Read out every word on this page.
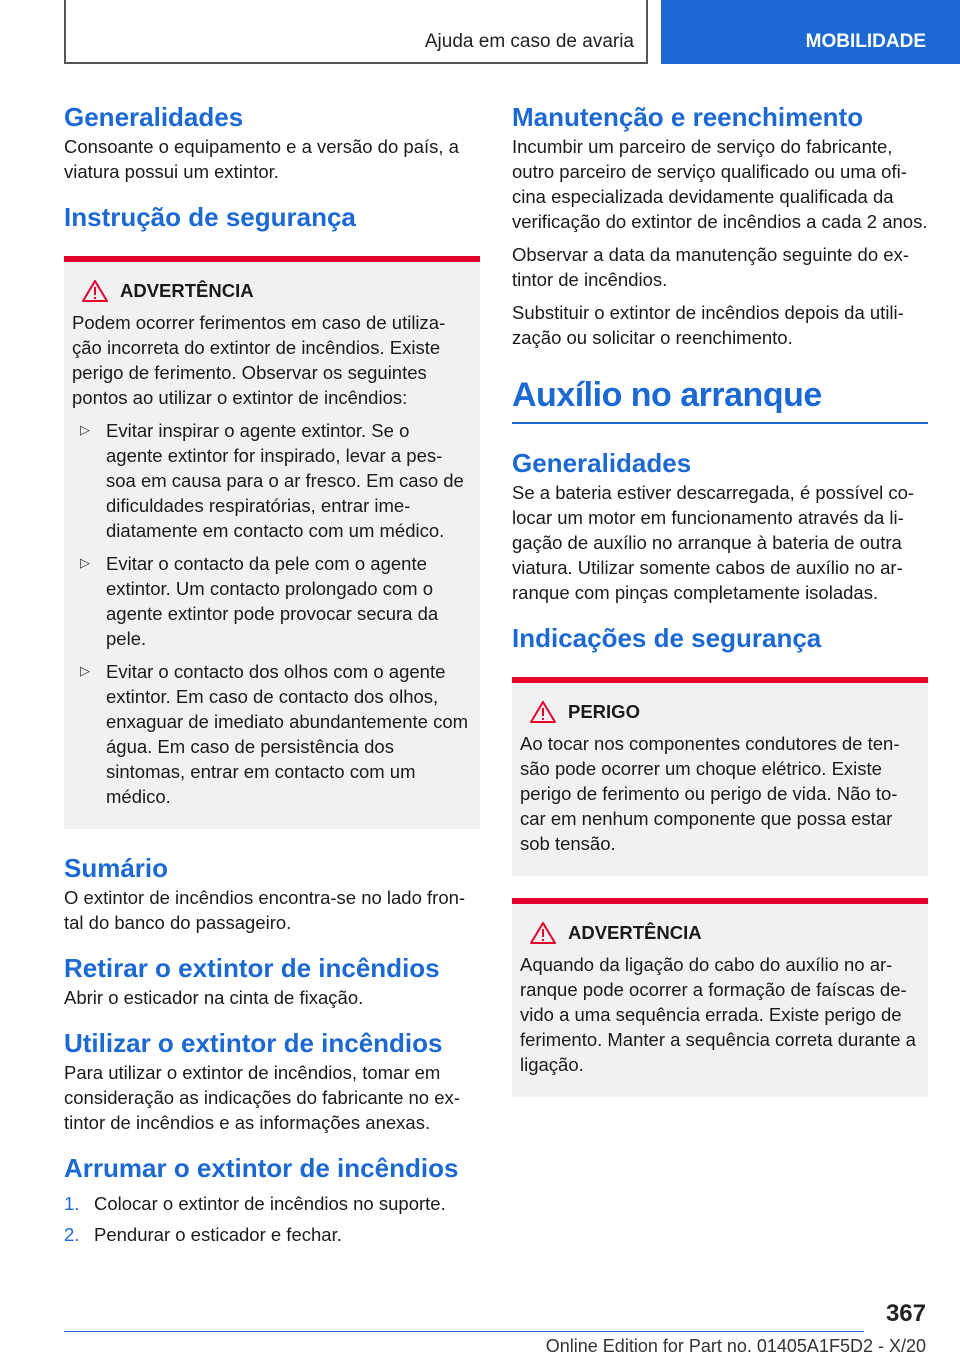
Ajuda em caso de avaria	MOBILIDADE
Generalidades

Consoante o equipamento e a versão do país, a viatura possui um extintor.

Instrução de segurança
ADVERTÊNCIA

Podem ocorrer ferimentos em caso de utiliza‐ção incorreta do extintor de incêndios. Existe perigo de ferimento. Observar os seguintes pontos ao utilizar o extintor de incêndios:

▷ Evitar inspirar o agente extintor. Se o agente extintor for inspirado, levar a pes‐soa em causa para o ar fresco. Em caso de dificuldades respiratórias, entrar ime‐diatamente em contacto com um médico.
▷ Evitar o contacto da pele com o agente extintor. Um contacto prolongado com o agente extintor pode provocar secura da pele.
▷ Evitar o contacto dos olhos com o agente extintor. Em caso de contacto dos olhos, enxaguar de imediato abundantemente com água. Em caso de persistência dos sintomas, entrar em contacto com um médico.
Sumário

O extintor de incêndios encontra-se no lado fron‐tal do banco do passageiro.

Retirar o extintor de incêndios

Abrir o esticador na cinta de fixação.

Utilizar o extintor de incêndios

Para utilizar o extintor de incêndios, tomar em consideração as indicações do fabricante no ex‐tintor de incêndios e as informações anexas.

Arrumar o extintor de incêndios
1. Colocar o extintor de incêndios no suporte.
2. Pendurar o esticador e fechar.
Manutenção e reenchimento

Incumbir um parceiro de serviço do fabricante, outro parceiro de serviço qualificado ou uma ofi‐cina especializada devidamente qualificada da verificação do extintor de incêndios a cada 2 anos.

Observar a data da manutenção seguinte do ex‐tintor de incêndios.

Substituir o extintor de incêndios depois da utili‐zação ou solicitar o reenchimento.

Auxílio no arranque
Generalidades

Se a bateria estiver descarregada, é possível co‐locar um motor em funcionamento através da li‐gação de auxílio no arranque à bateria de outra viatura. Utilizar somente cabos de auxílio no ar‐ranque com pinças completamente isoladas.

Indicações de segurança
PERIGO

Ao tocar nos componentes condutores de ten‐são pode ocorrer um choque elétrico. Existe perigo de ferimento ou perigo de vida. Não to‐car em nenhum componente que possa estar sob tensão.

ADVERTÊNCIA

Aquando da ligação do cabo do auxílio no ar‐ranque pode ocorrer a formação de faíscas de‐vido a uma sequência errada. Existe perigo de ferimento. Manter a sequência correta durante a ligação.

367
Online Edition for Part no. 01405A1F5D2 - X/20
